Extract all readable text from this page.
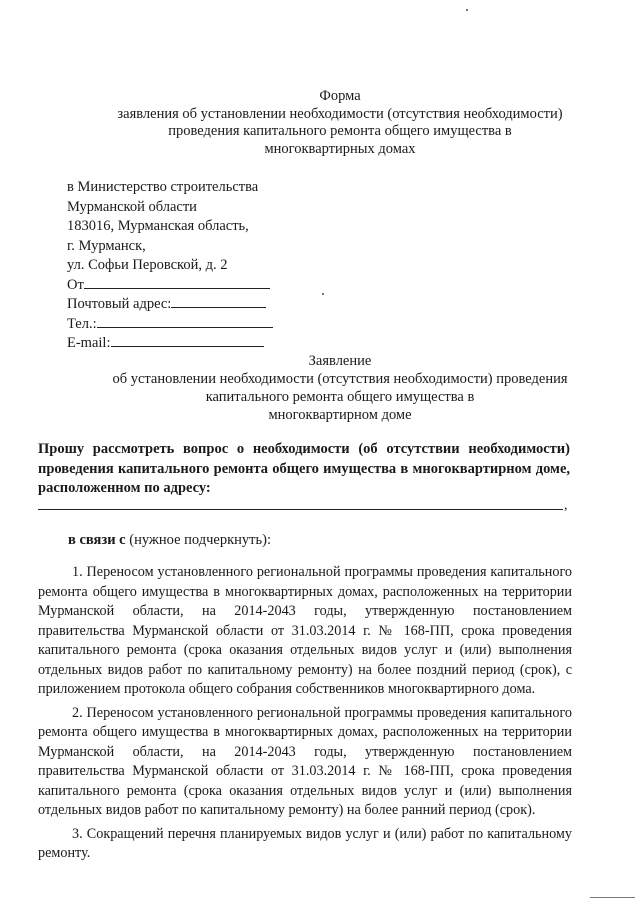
Форма
заявления об установлении необходимости (отсутствия необходимости)
проведения капитального ремонта общего имущества в
многоквартирных домах
в Министерство строительства
Мурманской области
183016, Мурманская область,
г. Мурманск,
ул. Софьи Перовской, д. 2
От
Почтовый адрес:
Тел.:
E-mail:
Заявление
об установлении необходимости (отсутствия необходимости) проведения
капитального ремонта общего имущества в
многоквартирном доме
Прошу рассмотреть вопрос о необходимости (об отсутствии необходимости) проведения капитального ремонта общего имущества в многоквартирном доме, расположенном по адресу:
,
в связи с (нужное подчеркнуть):

1. Переносом установленного региональной программы проведения капитального ремонта общего имущества в многоквартирных домах, расположенных на территории Мурманской области, на 2014-2043 годы, утвержденную постановлением правительства Мурманской области от 31.03.2014 г. № 168-ПП, срока проведения капитального ремонта (срока оказания отдельных видов услуг и (или) выполнения отдельных видов работ по капитальному ремонту) на более поздний период (срок), с приложением протокола общего собрания собственников многоквартирного дома.

2. Переносом установленного региональной программы проведения капитального ремонта общего имущества в многоквартирных домах, расположенных на территории Мурманской области, на 2014-2043 годы, утвержденную постановлением правительства Мурманской области от 31.03.2014 г. № 168-ПП, срока проведения капитального ремонта (срока оказания отдельных видов услуг и (или) выполнения отдельных видов работ по капитальному ремонту) на более ранний период (срок).

3. Сокращений перечня планируемых видов услуг и (или) работ по капитальному ремонту.
